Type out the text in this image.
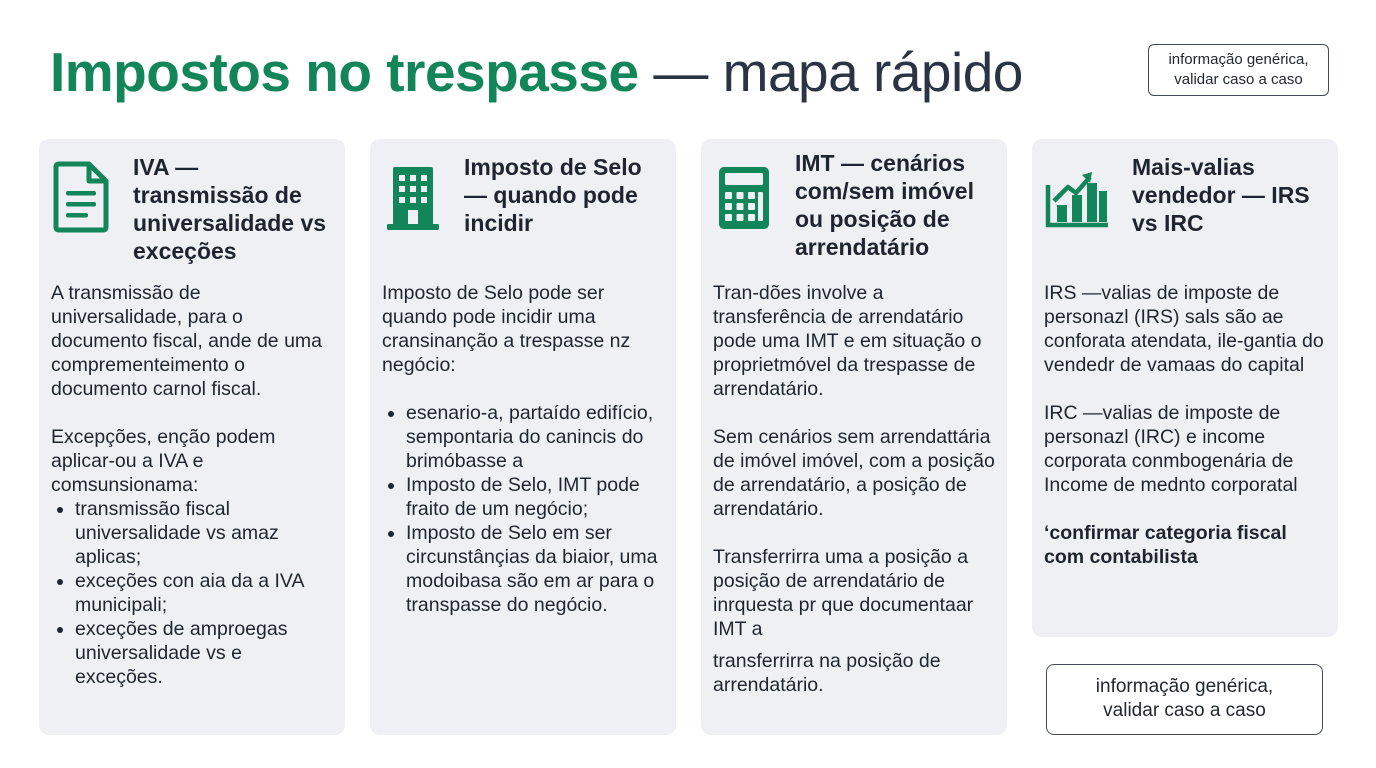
Impostos no trespasse — mapa rápido	informação genérica,
validar caso a caso
IVA — transmissão de universalidade vs exceções

A transmissão de universalidade, para o documento fiscal, ande de uma comprementeimento o documento carnol fiscal.

Excepções, enção podem aplicar-ou a IVA e comsunsionama:

• transmissão fiscal universalidade vs amaz aplicas;
• exceções con aia da a IVA municipali;
• exceções de amproegas universalidade vs e exceções.
Imposto de Selo — quando pode incidir

Imposto de Selo pode ser quando pode incidir uma cransinanção a trespasse nz negócio:

• esenario-a, partaído edifício, sempontaria do canincis do brimóbasse a
• Imposto de Selo, IMT pode fraito de um negócio;
• Imposto de Selo em ser circunstânçias da biaior, uma modoibasa são em ar para o transpasse do negócio.
IMT — cenários com/sem imóvel ou posição de arrendatário

Tran-dões involve a transferência de arrendatário pode uma IMT e em situação o proprietmóvel da trespasse de arrendatário.

Sem cenários sem arrendattária de imóvel imóvel, com a posição de arrendatário, a posição de arrendatário.

Transferrirra uma a posição a posição de arrendatário de inrquesta pr que documentaar IMT a

transferrirra na posição de arrendatário.

Mais-valias vendedor — IRS vs IRC

IRS —valias de imposte de personazl (IRS) sals são ae conforata atendata, ile-gantia do vendedr de vamaas do capital

IRC —valias de imposte de personazl (IRC) e income corporata conmbogenária de Income de mednto corporatal

‘confirmar categoria fiscal com contabilista

informação genérica,
validar caso a caso
